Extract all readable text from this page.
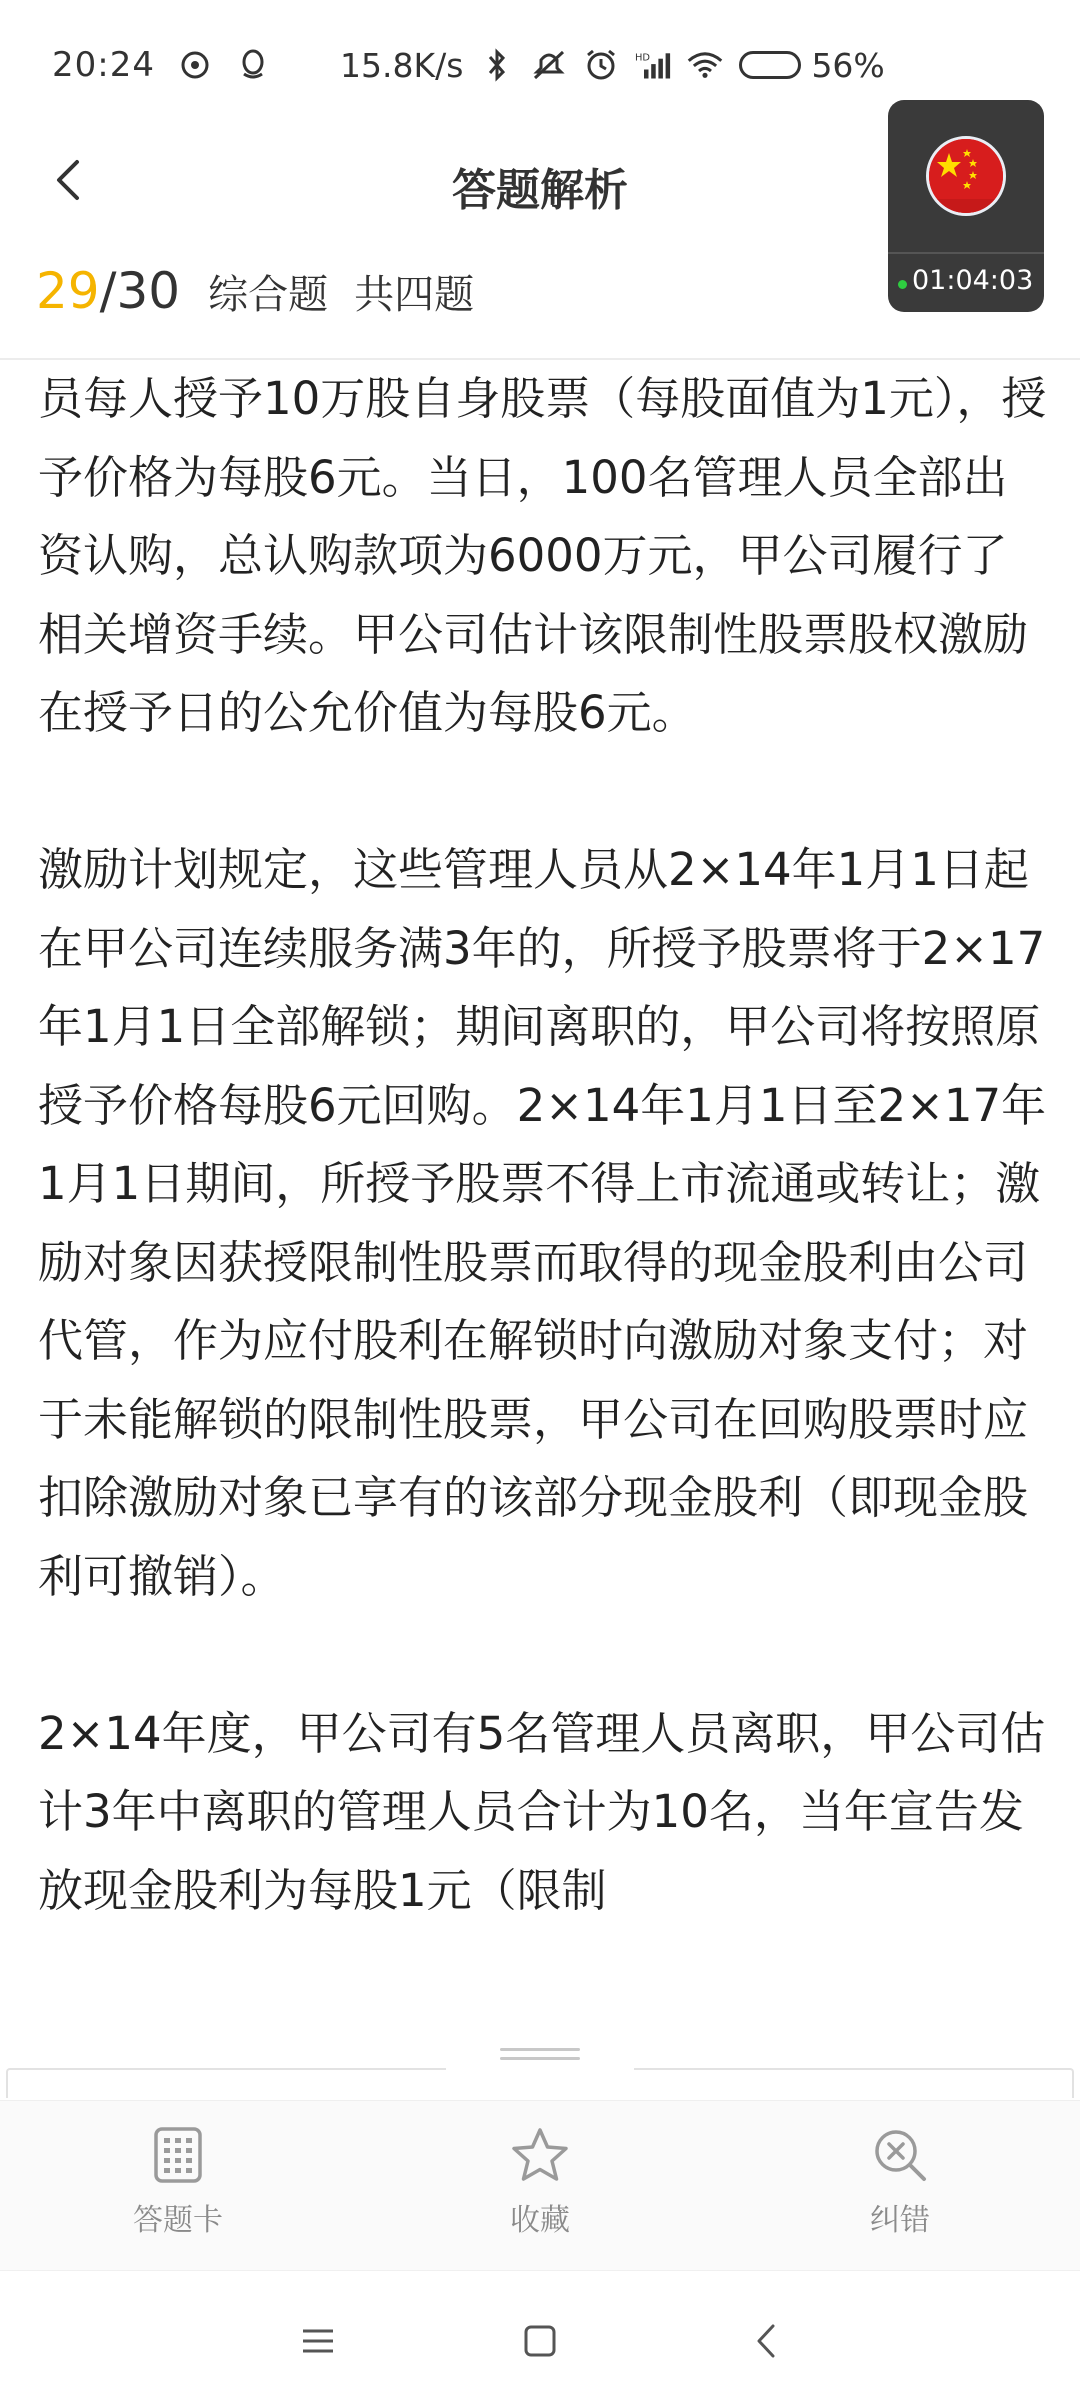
20:24	15.8K/s	HD	56%
答题解析
01:04:03
29 /30 综合题 共四题

员每人授予10万股自身股票（每股面值为1元），授予价格为每股6元。当日，100名管理人员全部出资认购，总认购款项为6000万元，甲公司履行了相关增资手续。甲公司估计该限制性股票股权激励在授予日的公允价值为每股6元。

激励计划规定，这些管理人员从2×14年1月1日起在甲公司连续服务满3年的，所授予股票将于2×17年1月1日全部解锁；期间离职的，甲公司将按照原授予价格每股6元回购。2×14年1月1日至2×17年1月1日期间，所授予股票不得上市流通或转让；激励对象因获授限制性股票而取得的现金股利由公司代管，作为应付股利在解锁时向激励对象支付；对于未能解锁的限制性股票，甲公司在回购股票时应扣除激励对象已享有的该部分现金股利（即现金股利可撤销）。

2×14年度，甲公司有5名管理人员离职，甲公司估计3年中离职的管理人员合计为10名，当年宣告发放现金股利为每股1元（限制

答题卡	收藏	纠错
